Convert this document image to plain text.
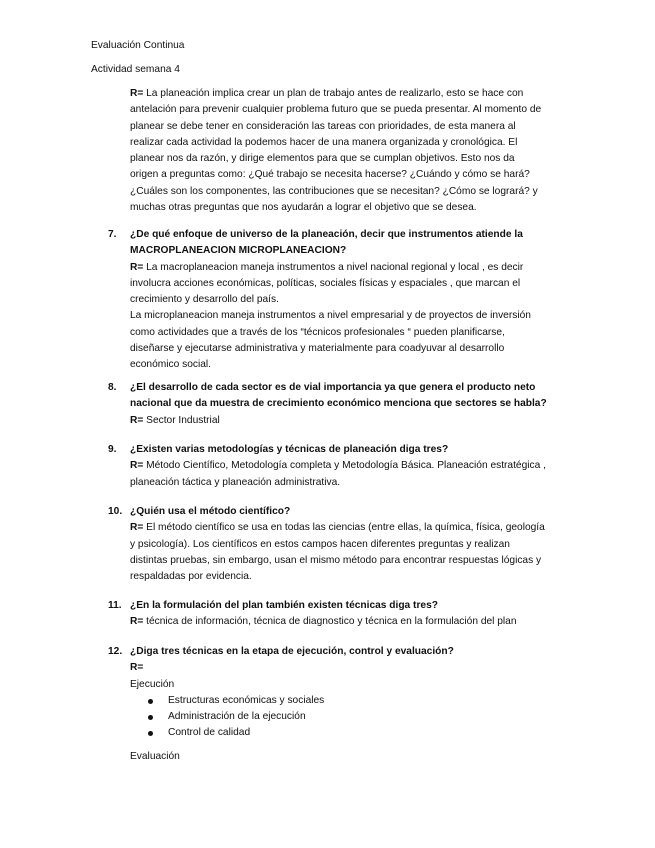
Evaluación Continua

Actividad semana 4

R= La planeación implica crear un plan de trabajo antes de realizarlo, esto se hace con antelación para prevenir cualquier problema futuro que se pueda presentar. Al momento de planear se debe tener en consideración las tareas con prioridades, de esta manera al realizar cada actividad la podemos hacer de una manera organizada y cronológica. El planear nos da razón, y dirige elementos para que se cumplan objetivos. Esto nos da origen a preguntas como: ¿Qué trabajo se necesita hacerse? ¿Cuándo y cómo se hará? ¿Cuáles son los componentes, las contribuciones que se necesitan? ¿Cómo se logrará? y muchas otras preguntas que nos ayudarán a lograr el objetivo que se desea.

7. ¿De qué enfoque de universo de la planeación, decir que instrumentos atiende la MACROPLANEACION MICROPLANEACION?

R= La macroplaneacion maneja instrumentos a nivel nacional regional y local , es decir involucra acciones económicas, políticas, sociales físicas y espaciales , que marcan el crecimiento y desarrollo del país.

La microplaneacion maneja instrumentos a nivel empresarial y de proyectos de inversión como actividades que a través de los “técnicos profesionales “ pueden planificarse, diseñarse y ejecutarse administrativa y materialmente para coadyuvar al desarrollo económico social.

8. ¿El desarrollo de cada sector es de vial importancia ya que genera el producto neto nacional que da muestra de crecimiento económico menciona que sectores se habla?

R= Sector Industrial

9. ¿Existen varias metodologías y técnicas de planeación diga tres?

R= Método Científico, Metodología completa y Metodología Básica. Planeación estratégica , planeación táctica y planeación administrativa.

10. ¿Quién usa el método científico?

R= El método científico se usa en todas las ciencias (entre ellas, la química, física, geología y psicología). Los científicos en estos campos hacen diferentes preguntas y realizan distintas pruebas, sin embargo, usan el mismo método para encontrar respuestas lógicas y respaldadas por evidencia.

11. ¿En la formulación del plan también existen técnicas diga tres?

R= técnica de información, técnica de diagnostico y técnica en la formulación del plan

12. ¿Diga tres técnicas en la etapa de ejecución, control y evaluación?

R=

Ejecución

Estructuras económicas y sociales
Administración de la ejecución
Control de calidad

Evaluación
